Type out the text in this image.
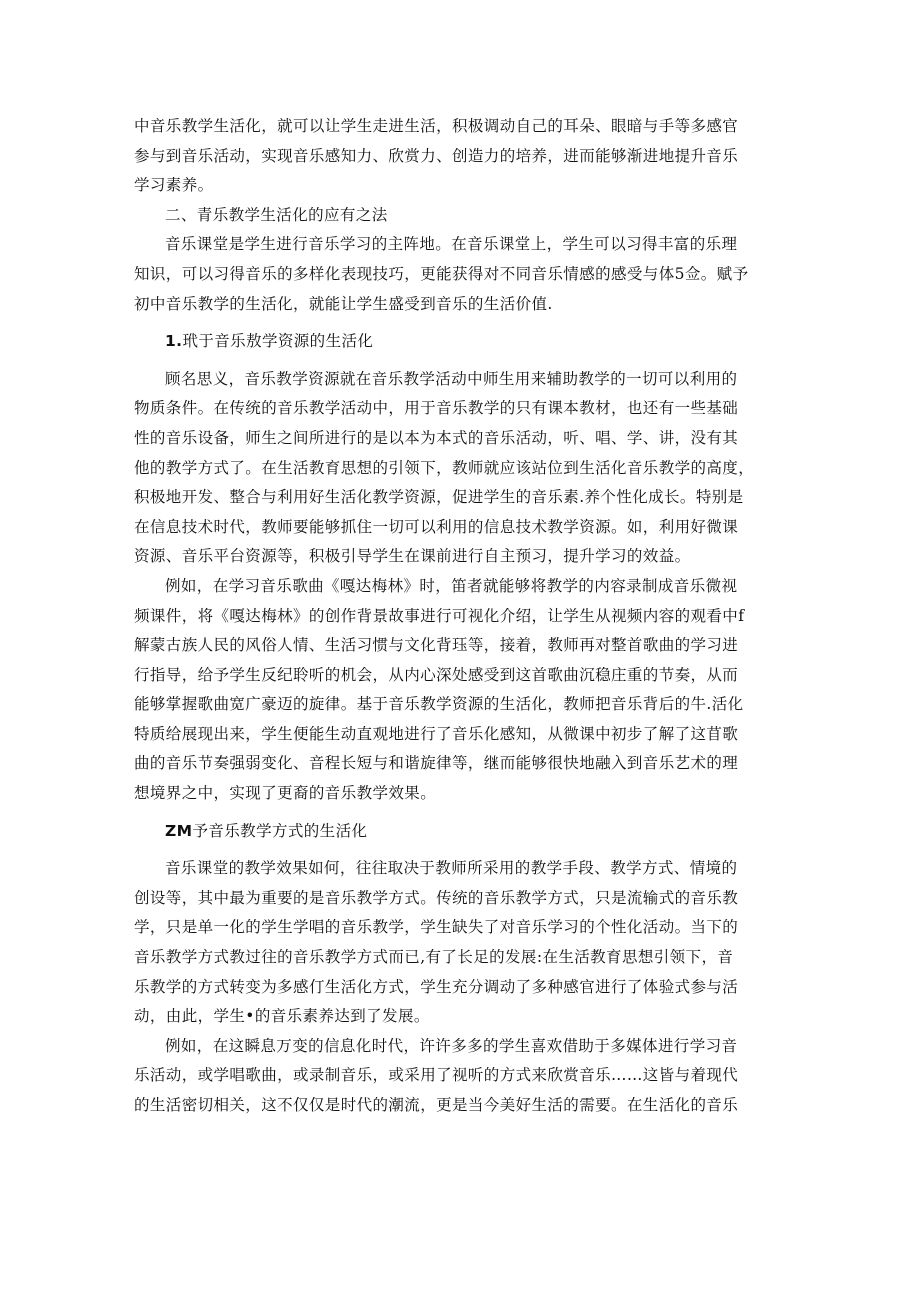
中音乐教学生活化，就可以让学生走进生活，积极调动自己的耳朵、眼暗与手等多感官
参与到音乐活动，实现音乐感知力、欣赏力、创造力的培养，进而能够渐进地提升音乐
学习素养。

二、青乐教学生活化的应有之法

音乐课堂是学生进行音乐学习的主阵地。在音乐课堂上，学生可以习得丰富的乐理
知识，可以习得音乐的多样化表现技巧，更能获得对不同音乐情感的感受与体5佥。赋予
初中音乐教学的生活化，就能让学生盛受到音乐的生活价值.

1.玳于音乐敖学资源的生活化

顾名思义，音乐教学资源就在音乐教学活动中师生用来辅助教学的一切可以利用的
物质条件。在传统的音乐教学活动中，用于音乐教学的只有课本教材，也还有一些基础
性的音乐设备，师生之间所进行的是以本为本式的音乐活动，听、唱、学、讲，没有其
他的教学方式了。在生活教育思想的引领下，教师就应该站位到生活化音乐教学的高度，
积极地开发、整合与利用好生活化教学资源，促进学生的音乐素.养个性化成长。特别是
在信息技术时代，教师要能够抓住一切可以利用的信息技术教学资源。如，利用好微课
资源、音乐平台资源等，积极引导学生在课前进行自主预习，提升学习的效益。

例如，在学习音乐歌曲《嘎达梅林》时，笛者就能够将教学的内容录制成音乐微视
频课件，将《嘎达梅林》的创作背景故事进行可视化介绍，让学生从视频内容的观看中f
解蒙古族人民的风俗人情、生活习惯与文化背珏等，接着，教师再对整首歌曲的学习进
行指导，给予学生反纪聆听的机会，从内心深处感受到这首歌曲沉稳庄重的节奏，从而
能够掌握歌曲宽广豪迈的旋律。基于音乐教学资源的生活化，教师把音乐背后的牛.活化
特质给展现出来，学生便能生动直观地进行了音乐化感知，从微课中初步了解了这苜歌
曲的音乐节奏强弱变化、音程长短与和谐旋律等，继而能够很快地融入到音乐艺术的理
想境界之中，实现了更裔的音乐教学效果。

ZM予音乐教学方式的生活化

音乐课堂的教学效果如何，往往取决于教师所采用的教学手段、教学方式、情境的
创设等，其中最为重要的是音乐教学方式。传统的音乐教学方式，只是流输式的音乐教
学，只是单一化的学生学唱的音乐教学，学生缺失了对音乐学习的个性化活动。当下的
音乐教学方式教过往的音乐教学方式而已,有了长足的发展:在生活教育思想引领下，音
乐教学的方式转变为多感仃生活化方式，学生充分调动了多种感官进行了体验式参与活
动，由此，学生•的音乐素养达到了发展。

例如，在这瞬息万变的信息化时代，许许多多的学生喜欢借助于多媒体进行学习音
乐活动，或学唱歌曲，或录制音乐，或采用了视听的方式来欣赏音乐……这皆与着现代
的生活密切相关，这不仅仅是时代的潮流，更是当今美好生活的需要。在生活化的音乐
